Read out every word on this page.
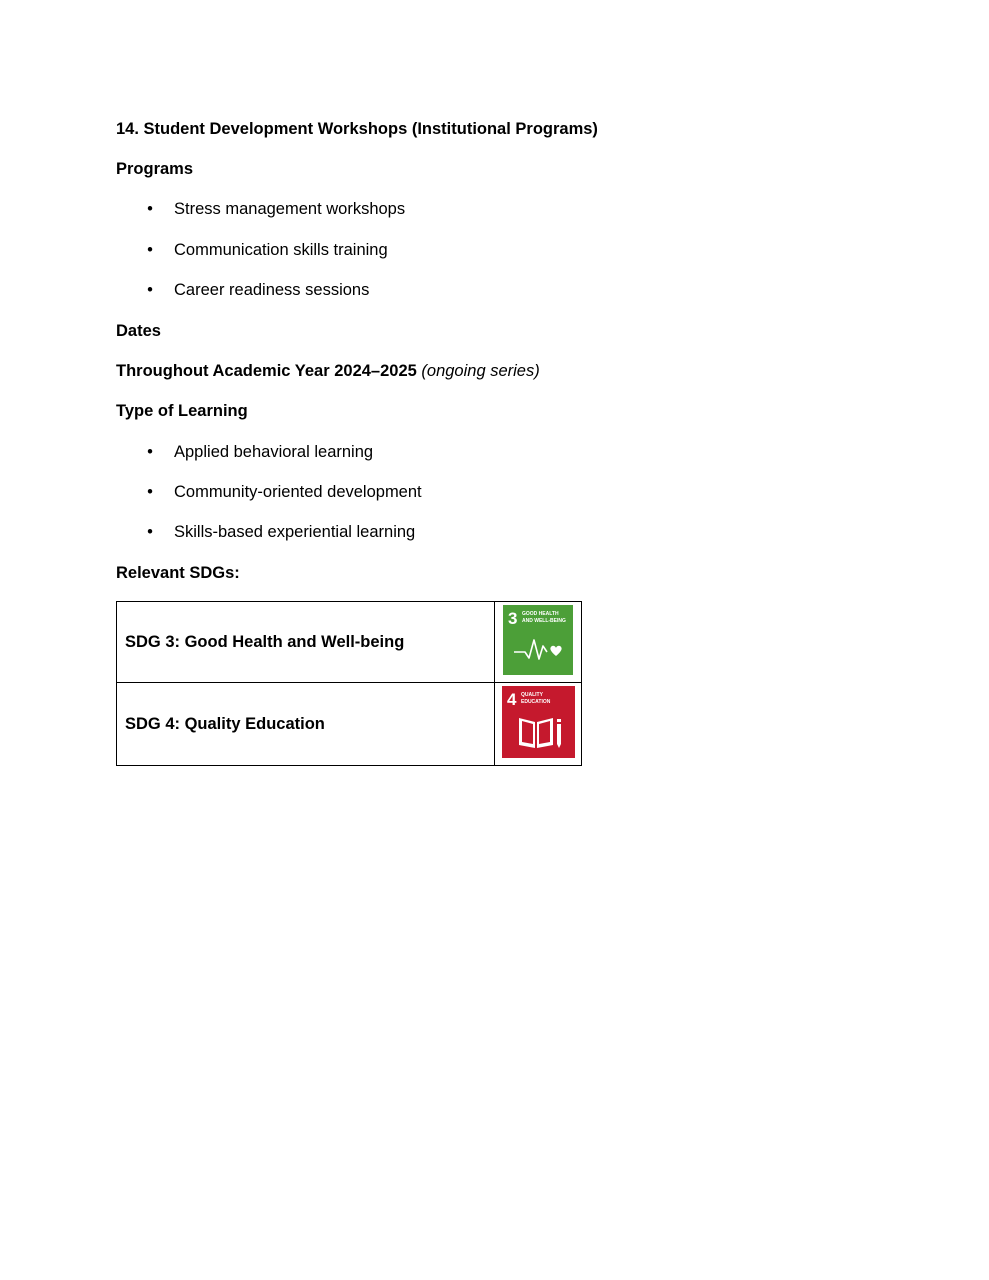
14. Student Development Workshops (Institutional Programs)
Programs
• Stress management workshops
• Communication skills training
• Career readiness sessions
Dates
Throughout Academic Year 2024–2025 (ongoing series)
Type of Learning
• Applied behavioral learning
• Community-oriented development
• Skills-based experiential learning
Relevant SDGs:
SDG 3: Good Health and Well-being	3 GOOD HEALTH
AND WELL-BEING

SDG 4: Quality Education	4 QUALITY
EDUCATION
